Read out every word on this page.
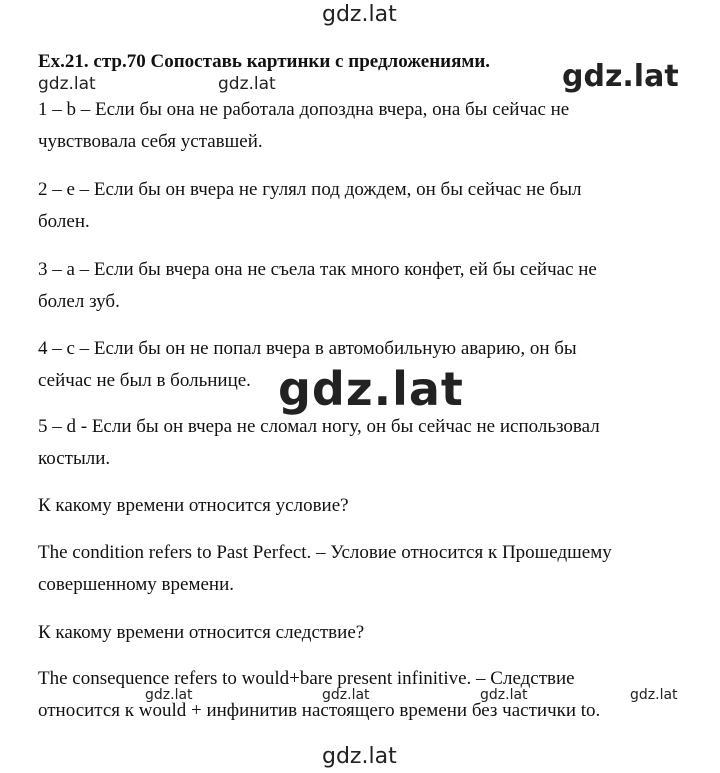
gdz.lat
gdz.lat	gdz.lat	gdz.lat
gdz.lat
gdz.lat	gdz.lat	gdz.lat	gdz.lat
gdz.lat
Ex.21. стр.70 Сопоставь картинки с предложениями.
1 – b – Если бы она не работала допоздна вчера, она бы сейчас не
чувствовала себя уставшей.
2 – e – Если бы он вчера не гулял под дождем, он бы сейчас не был
болен.
3 – a – Если бы вчера она не съела так много конфет, ей бы сейчас не
болел зуб.
4 – c – Если бы он не попал вчера в автомобильную аварию, он бы
сейчас не был в больнице.
5 – d - Если бы он вчера не сломал ногу, он бы сейчас не использовал
костыли.
К какому времени относится условие?
The condition refers to Past Perfect. – Условие относится к Прошедшему
совершенному времени.
К какому времени относится следствие?
The consequence refers to would+bare present infinitive. – Следствие
относится к would + инфинитив настоящего времени без частички to.
